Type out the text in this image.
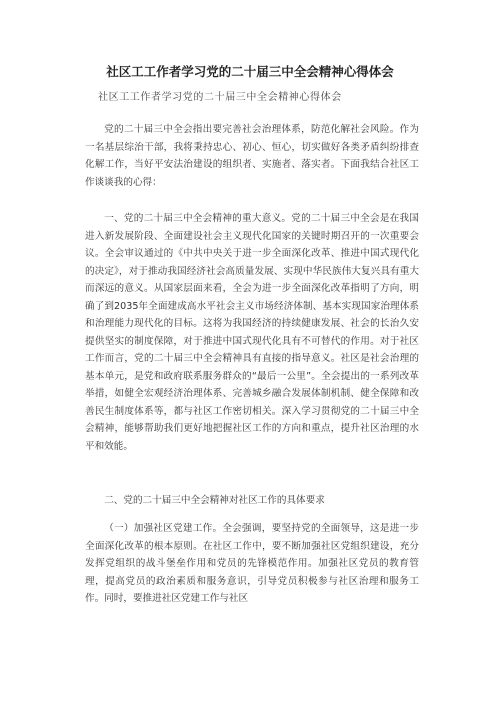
社区工工作者学习党的二十届三中全会精神心得体会
社区工工作者学习党的二十届三中全会精神心得体会

党的二十届三中全会指出要完善社会治理体系，防范化解社会风险。作为一名基层综治干部，我将秉持忠心、初心、恒心，切实做好各类矛盾纠纷排查化解工作，当好平安法治建设的组织者、实施者、落实者。下面我结合社区工作谈谈我的心得：

一、党的二十届三中全会精神的重大意义。党的二十届三中全会是在我国进入新发展阶段、全面建设社会主义现代化国家的关键时期召开的一次重要会议。全会审议通过的《中共中央关于进一步全面深化改革、推进中国式现代化的决定》，对于推动我国经济社会高质量发展、实现中华民族伟大复兴具有重大而深远的意义。从国家层面来看，全会为进一步全面深化改革指明了方向，明确了到2035年全面建成高水平社会主义市场经济体制、基本实现国家治理体系和治理能力现代化的目标。这将为我国经济的持续健康发展、社会的长治久安提供坚实的制度保障，对于推进中国式现代化具有不可替代的作用。对于社区工作而言，党的二十届三中全会精神具有直接的指导意义。社区是社会治理的基本单元，是党和政府联系服务群众的“最后一公里”。全会提出的一系列改革举措，如健全宏观经济治理体系、完善城乡融合发展体制机制、健全保障和改善民生制度体系等，都与社区工作密切相关。深入学习贯彻党的二十届三中全会精神，能够帮助我们更好地把握社区工作的方向和重点，提升社区治理的水平和效能。

二、党的二十届三中全会精神对社区工作的具体要求

（一）加强社区党建工作。全会强调，要坚持党的全面领导，这是进一步全面深化改革的根本原则。在社区工作中，要不断加强社区党组织建设，充分发挥党组织的战斗堡垒作用和党员的先锋模范作用。加强社区党员的教育管理，提高党员的政治素质和服务意识，引导党员积极参与社区治理和服务工作。同时，要推进社区党建工作与社区
